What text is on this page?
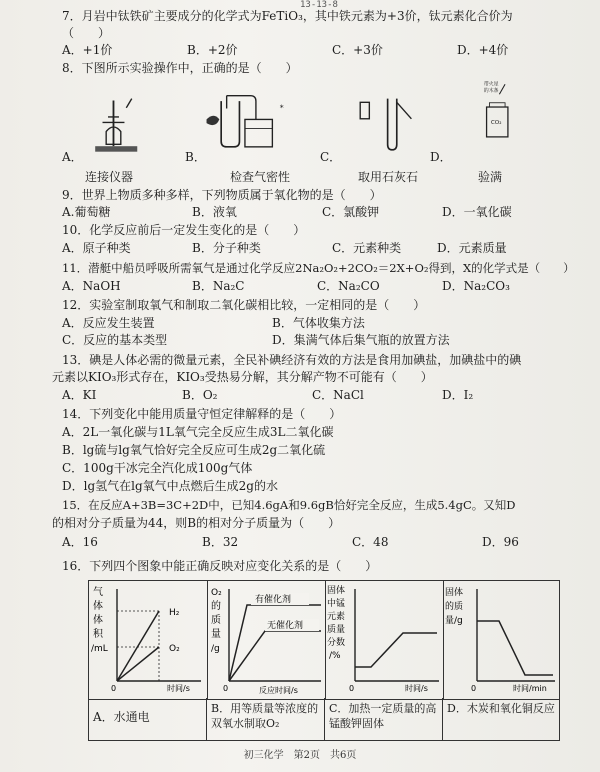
13-13-8
7．月岩中钛铁矿主要成分的化学式为FeTiO₃，其中铁元素为+3价，钛元素化合价为
（　　）
A．+1价	B．+2价	C．+3价	D．+4价
8．下图所示实验操作中，正确的是（　　）
*
带火星
的木条
CO₂
A．	B．	C．	D．
连接仪器	检查气密性	取用石灰石	验满
9．世界上物质多种多样，下列物质属于氧化物的是（　　）
A.葡萄糖	B．液氧	C．氯酸钾	D．一氧化碳
10．化学反应前后一定发生变化的是（　　）
A．原子种类	B．分子种类	C．元素种类	D．元素质量
11．潜艇中船员呼吸所需氧气是通过化学反应2Na₂O₂+2CO₂＝2X+O₂得到，X的化学式是（　　）
A．NaOH	B．Na₂C	C．Na₂CO	D．Na₂CO₃
12．实验室制取氧气和制取二氧化碳相比较，一定相同的是（　　）
A．反应发生装置	B．气体收集方法
C．反应的基本类型	D．集满气体后集气瓶的放置方法
13．碘是人体必需的微量元素，全民补碘经济有效的方法是食用加碘盐，加碘盐中的碘
元素以KIO₃形式存在，KIO₃受热易分解，其分解产物不可能有（　　）
A．KI	B．O₂	C．NaCl	D．I₂
14．下列变化中能用质量守恒定律解释的是（　　）
A．2L一氧化碳与1L氧气完全反应生成3L二氧化碳
B．lg硫与lg氧气恰好完全反应可生成2g二氧化硫
C．100g干冰完全汽化成100g气体
D．lg氢气在lg氧气中点燃后生成2g的水
15．在反应A+3B=3C+2D中，已知4.6gA和9.6gB恰好完全反应，生成5.4gC。又知D
的相对分子质量为44，则B的相对分子质量为（　　）
A．16	B．32	C．48	D．96
16．下列四个图象中能正确反映对应变化关系的是（　　）
气
体
体
积
/mL
H₂
O₂
0	时间/s
O₂
的
质
量
/g
有催化剂
无催化剂
0	反应时间/s
固体
中锰
元素
质量
分数
/%
0	时间/s
固体
的质
量/g
0	时间/min
A．水通电
B．用等质量等浓度的双氧水制取O₂
C．加热一定质量的高锰酸钾固体
D．木炭和氧化铜反应
初三化学　第2页　共6页
